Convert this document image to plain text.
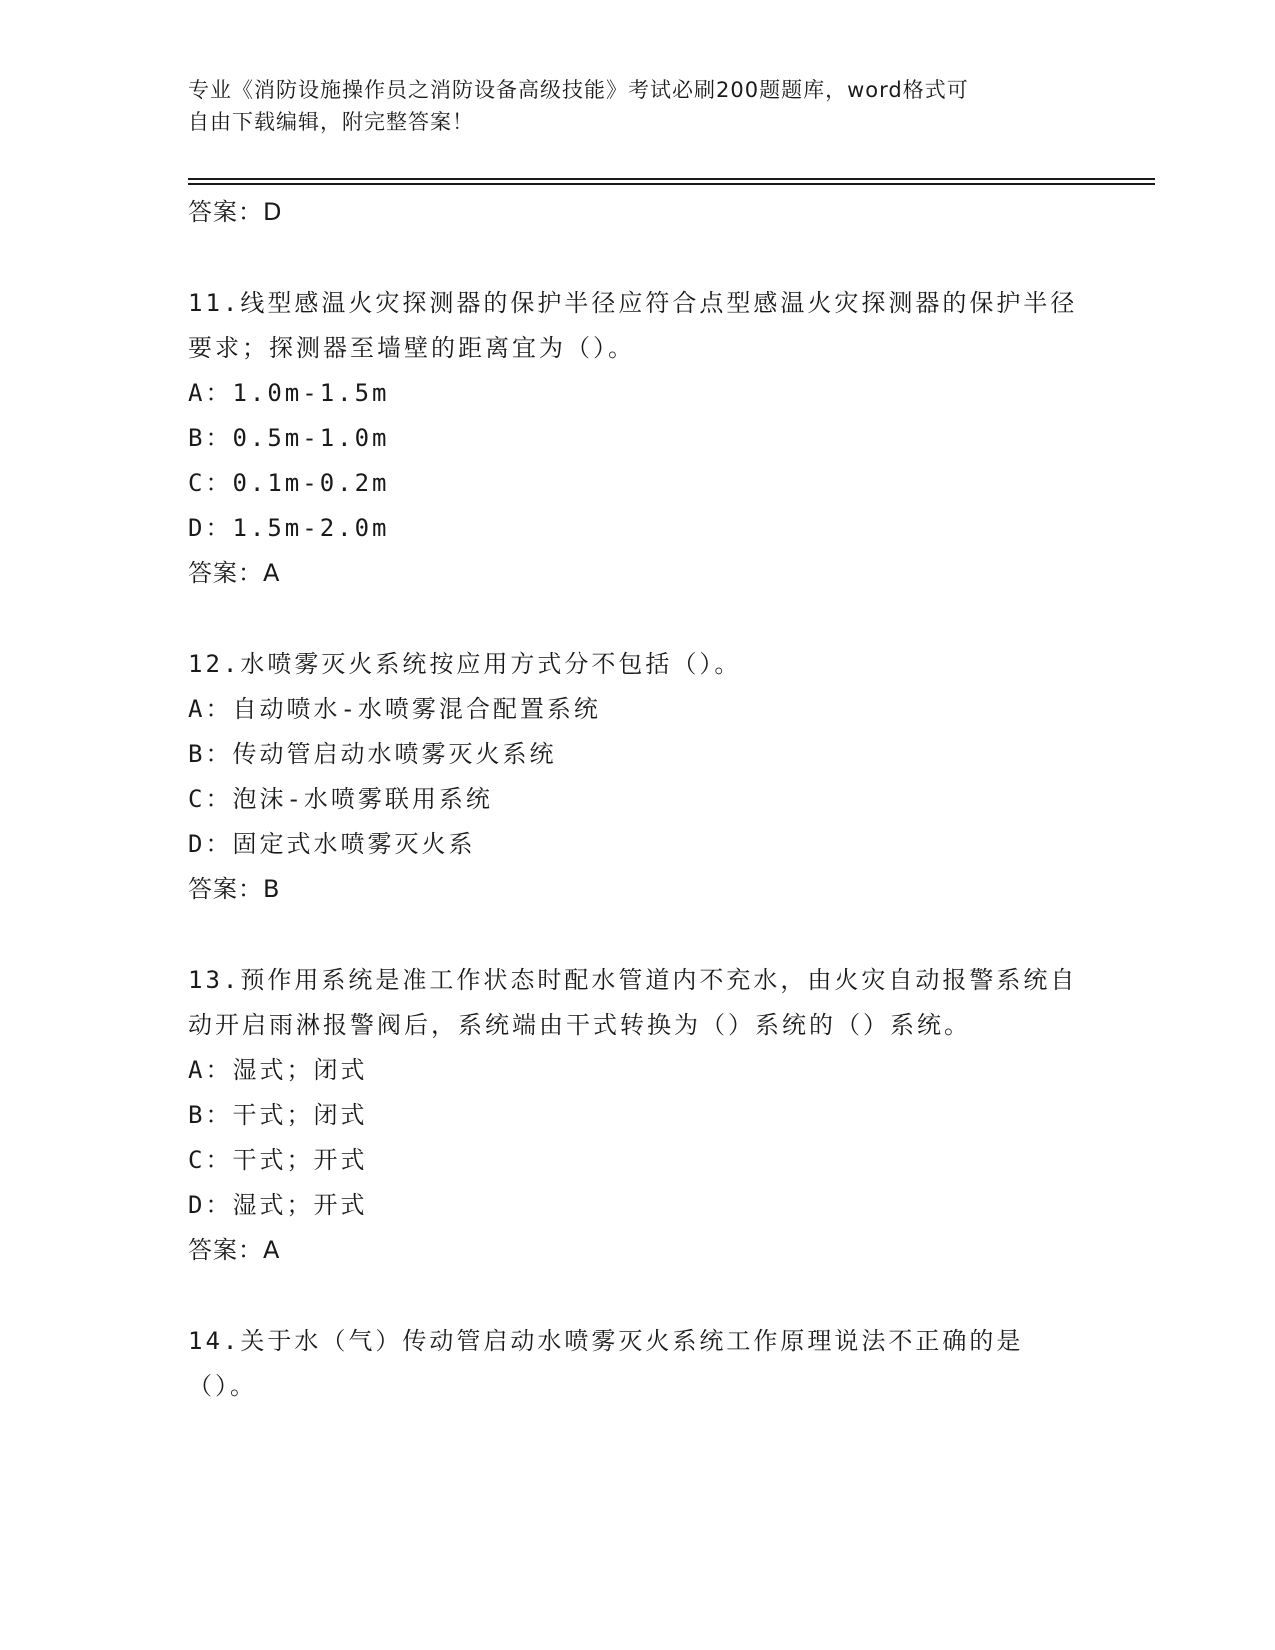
专业《消防设施操作员之消防设备高级技能》考试必刷200题题库，word格式可
自由下载编辑，附完整答案！
答案：D
11.线型感温火灾探测器的保护半径应符合点型感温火灾探测器的保护半径要求；探测器至墙壁的距离宜为（）。
A：1.0m-1.5m
B：0.5m-1.0m
C：0.1m-0.2m
D：1.5m-2.0m
答案：A
12.水喷雾灭火系统按应用方式分不包括（）。
A：自动喷水-水喷雾混合配置系统
B：传动管启动水喷雾灭火系统
C：泡沫-水喷雾联用系统
D：固定式水喷雾灭火系
答案：B
13.预作用系统是准工作状态时配水管道内不充水，由火灾自动报警系统自动开启雨淋报警阀后，系统端由干式转换为（）系统的（）系统。
A：湿式；闭式
B：干式；闭式
C：干式；开式
D：湿式；开式
答案：A
14.关于水（气）传动管启动水喷雾灭火系统工作原理说法不正确的是（）。
